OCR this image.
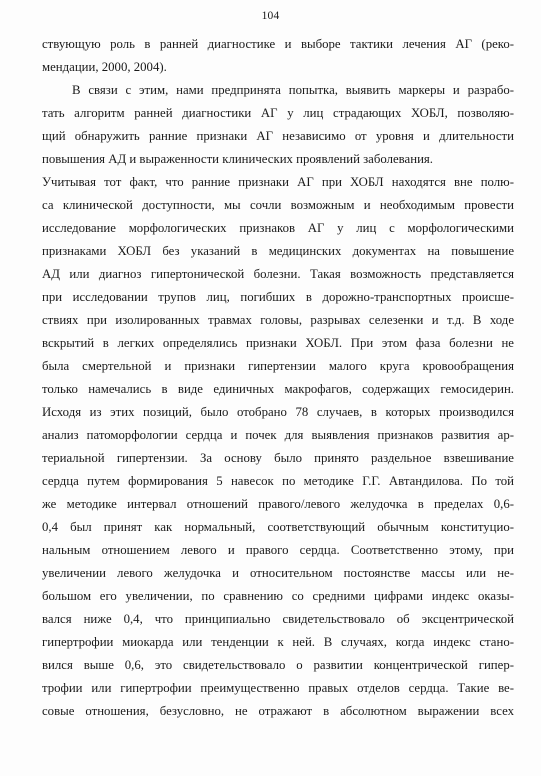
104
ствующую роль в ранней диагностике и выборе тактики лечения АГ (реко-
мендации, 2000, 2004).
В связи с этим, нами предпринята попытка, выявить маркеры и разрабо-
тать алгоритм ранней диагностики АГ у лиц страдающих ХОБЛ, позволяю-
щий обнаружить ранние признаки АГ независимо от уровня и длительности
повышения АД и выраженности клинических проявлений заболевания.
Учитывая тот факт, что ранние признаки АГ при ХОБЛ находятся вне полю-
са клинической доступности, мы сочли возможным и необходимым провести
исследование морфологических признаков АГ у лиц с морфологическими
признаками ХОБЛ без указаний в медицинских документах на повышение
АД или диагноз гипертонической болезни. Такая возможность представляется
при исследовании трупов лиц, погибших в дорожно-транспортных происше-
ствиях при изолированных травмах головы, разрывах селезенки и т.д. В ходе
вскрытий в легких определялись признаки ХОБЛ. При этом фаза болезни не
была смертельной и признаки гипертензии малого круга кровообращения
только намечались в виде единичных макрофагов, содержащих гемосидерин.
Исходя из этих позиций, было отобрано 78 случаев, в которых производился
анализ патоморфологии сердца и почек для выявления признаков развития ар-
териальной гипертензии. За основу было принято раздельное взвешивание
сердца путем формирования 5 навесок по методике Г.Г. Автандилова. По той
же методике интервал отношений правого/левого желудочка в пределах 0,6-
0,4 был принят как нормальный, соответствующий обычным конституцио-
нальным отношением левого и правого сердца. Соответственно этому, при
увеличении левого желудочка и относительном постоянстве массы или не-
большом его увеличении, по сравнению со средними цифрами индекс оказы-
вался ниже 0,4, что принципиально свидетельствовало об эксцентрической
гипертрофии миокарда или тенденции к ней. В случаях, когда индекс стано-
вился выше 0,6, это свидетельствовало о развитии концентрической гипер-
трофии или гипертрофии преимущественно правых отделов сердца. Такие ве-
совые отношения, безусловно, не отражают в абсолютном выражении всех
